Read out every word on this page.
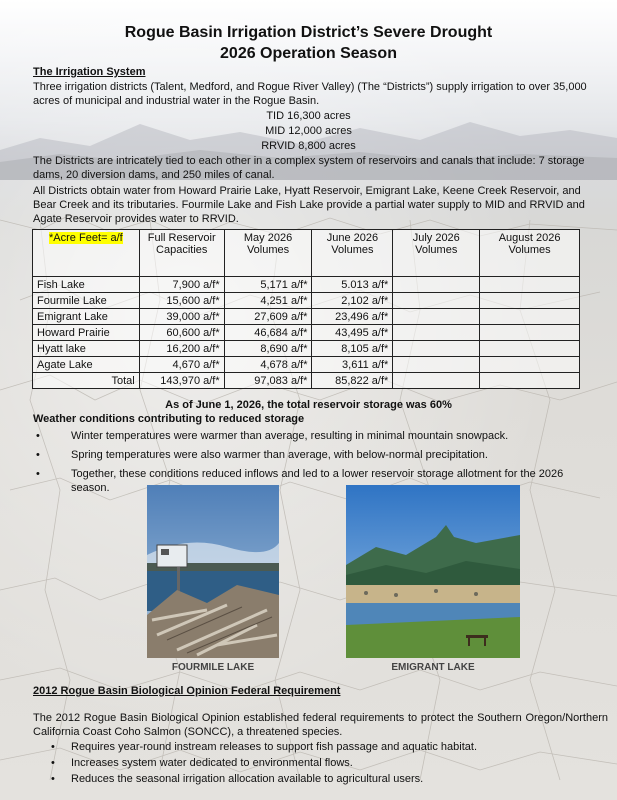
Rogue Basin Irrigation District’s Severe Drought
2026 Operation Season
The Irrigation System
Three irrigation districts (Talent, Medford, and Rogue River Valley) (The “Districts”) supply irrigation to over 35,000 acres of municipal and industrial water in the Rogue Basin.
TID 16,300 acres
MID 12,000 acres
RRVID 8,800 acres
The Districts are intricately tied to each other in a complex system of reservoirs and canals that include: 7 storage dams, 20 diversion dams, and 250 miles of canal.
All Districts obtain water from Howard Prairie Lake, Hyatt Reservoir, Emigrant Lake, Keene Creek Reservoir, and Bear Creek and its tributaries. Fourmile Lake and Fish Lake provide a partial water supply to MID and RRVID and Agate Reservoir provides water to RRVID.
*Acre Feet= a/f	Full Reservoir Capacities	May 2026 Volumes	June 2026 Volumes	July 2026 Volumes	August 2026 Volumes
Fish Lake	7,900 a/f*	5,171 a/f*	5.013 a/f*		
Fourmile Lake	15,600 a/f*	4,251 a/f*	2,102 a/f*		
Emigrant Lake	39,000 a/f*	27,609 a/f*	23,496 a/f*		
Howard Prairie	60,600 a/f*	46,684 a/f*	43,495 a/f*		
Hyatt lake	16,200 a/f*	8,690 a/f*	8,105 a/f*		
Agate Lake	4,670 a/f*	4,678 a/f*	3,611 a/f*		
Total	143,970 a/f*	97,083 a/f*	85,822 a/f*		
As of June 1, 2026, the total reservoir storage was 60%
Weather conditions contributing to reduced storage
•	Winter temperatures were warmer than average, resulting in minimal mountain snowpack.
•	Spring temperatures were also warmer than average, with below-normal precipitation.
•	Together, these conditions reduced inflows and led to a lower reservoir storage allotment for the 2026 season.
FOURMILE LAKE	EMIGRANT LAKE
2012 Rogue Basin Biological Opinion Federal Requirement
The 2012 Rogue Basin Biological Opinion established federal requirements to protect the Southern Oregon/Northern California Coast Coho Salmon (SONCC), a threatened species.
• Requires year-round instream releases to support fish passage and aquatic habitat.
• Increases system water dedicated to environmental flows.
• Reduces the seasonal irrigation allocation available to agricultural users.
